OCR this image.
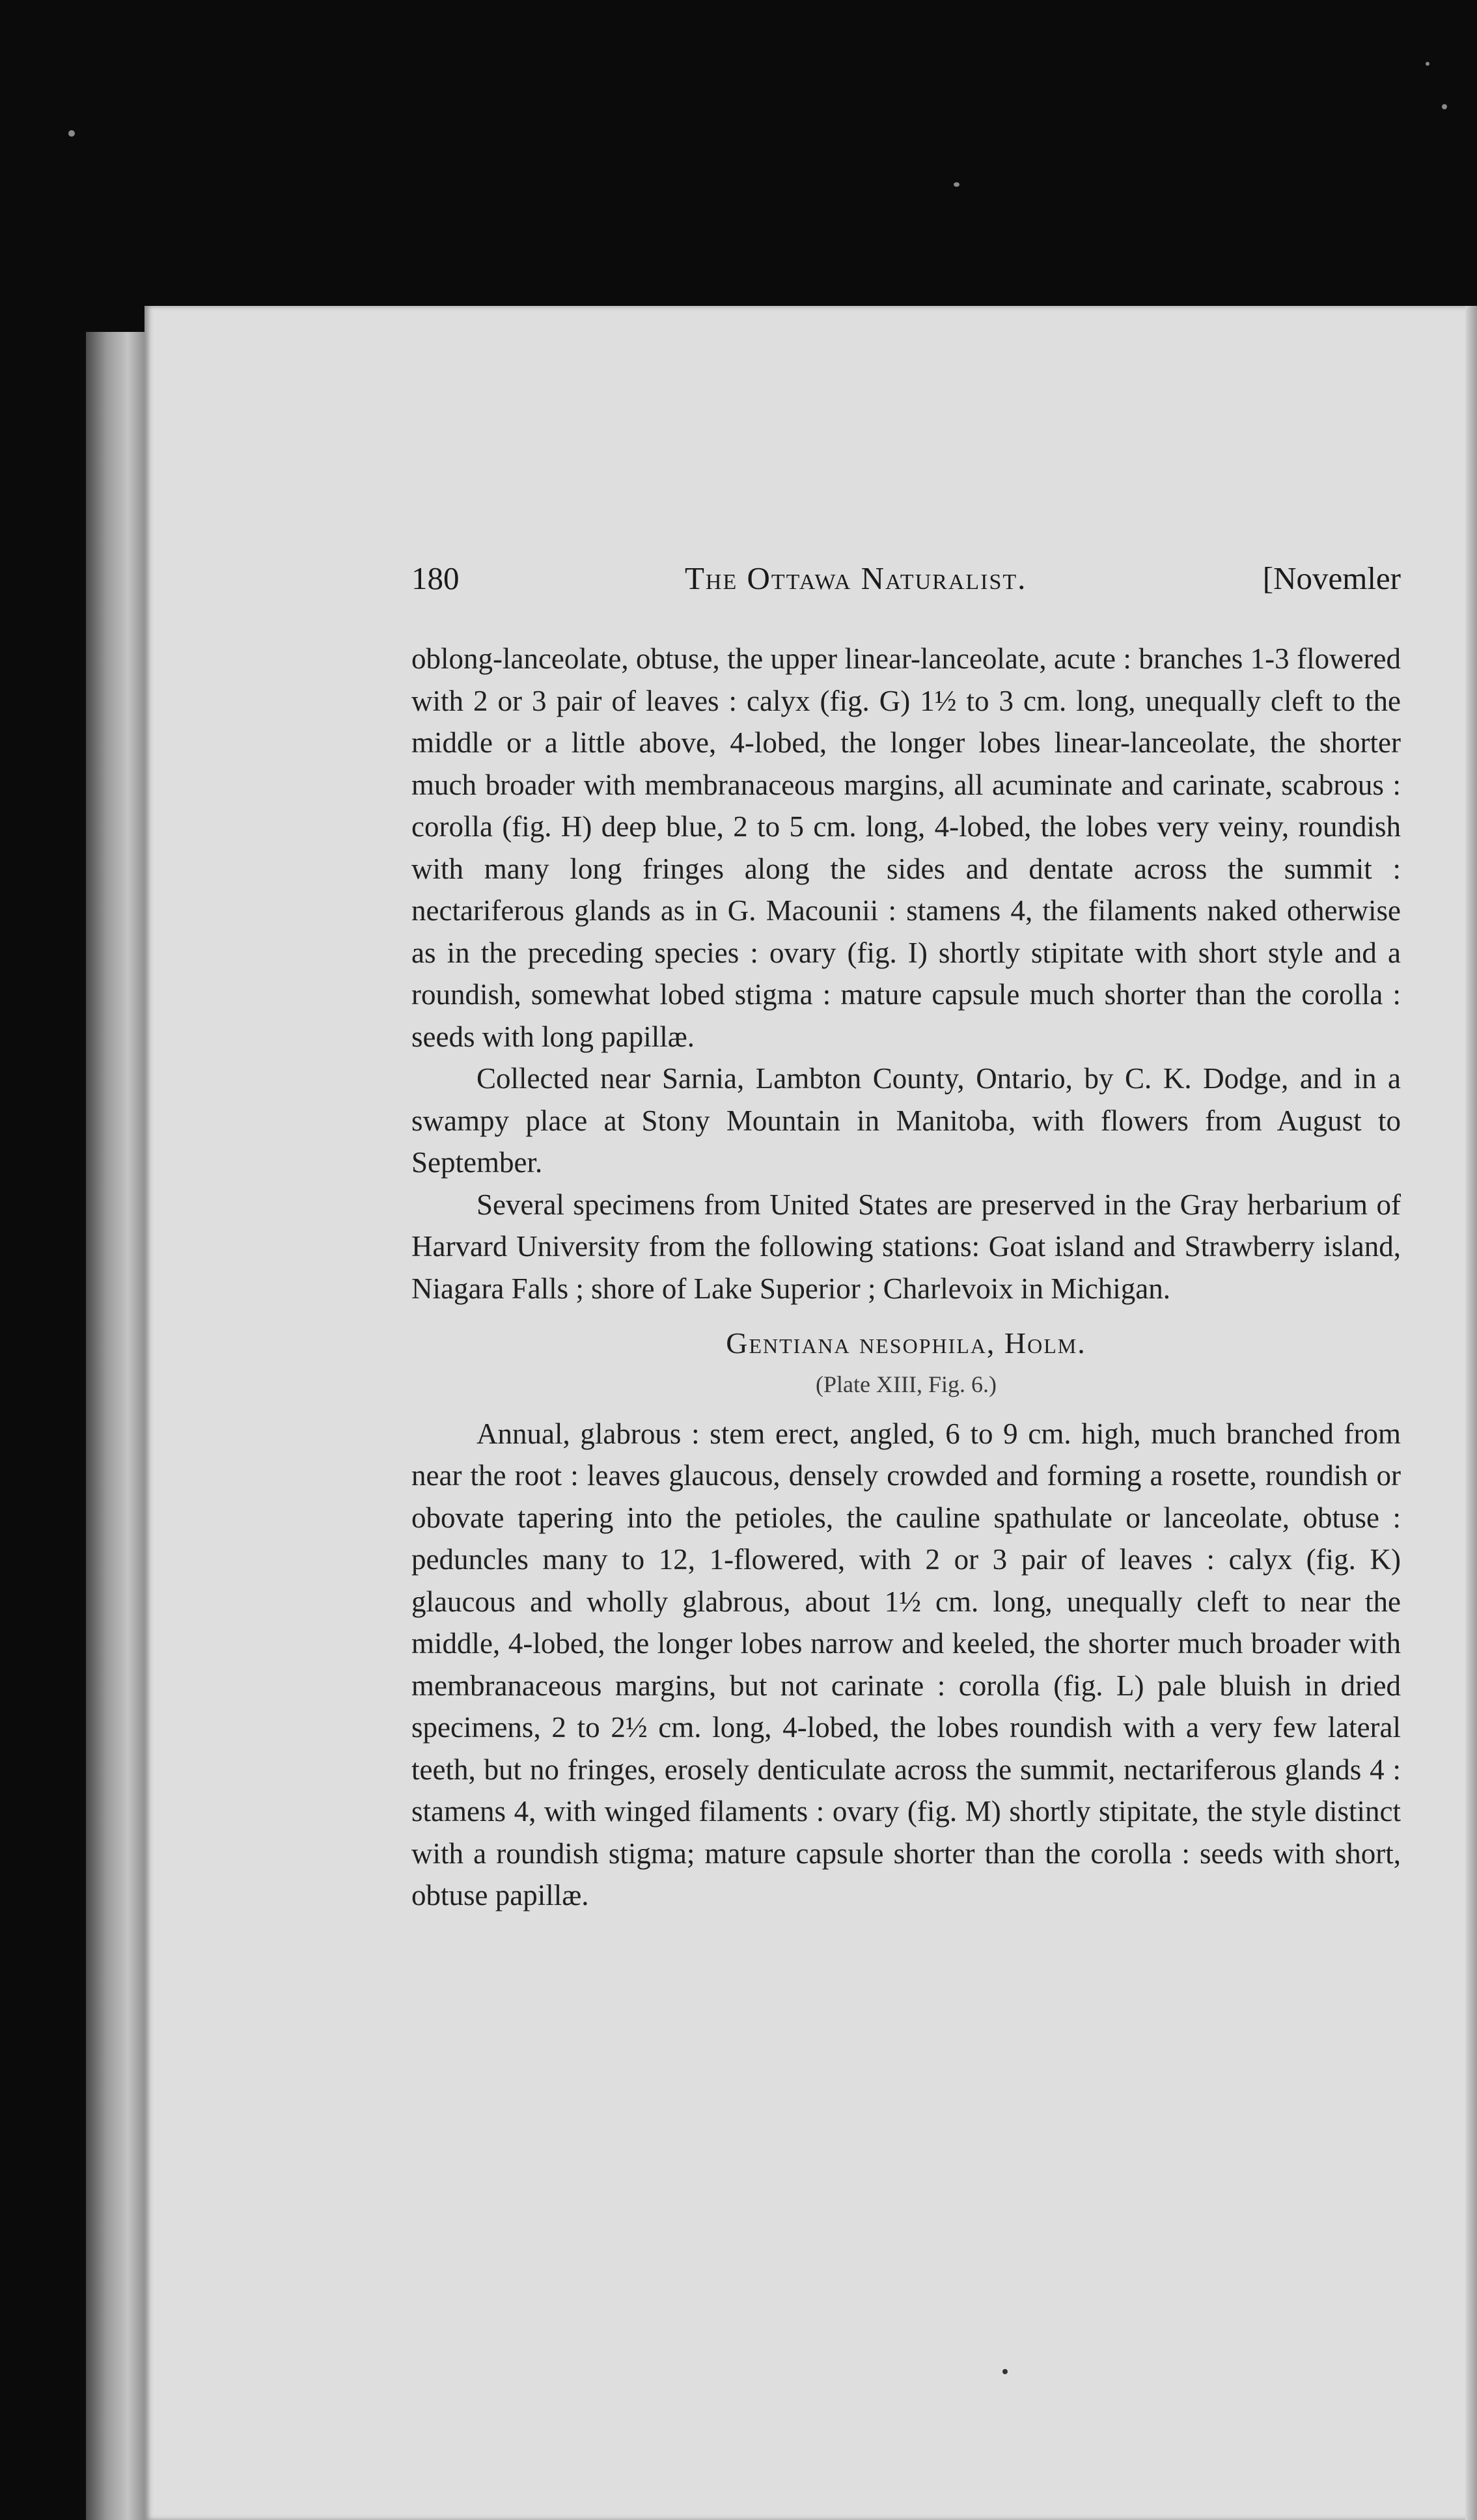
180	The Ottawa Naturalist.	[Novemler

oblong-lanceolate, obtuse, the upper linear-lanceolate, acute : branches 1-3 flowered with 2 or 3 pair of leaves : calyx (fig. G) 1½ to 3 cm. long, unequally cleft to the middle or a little above, 4-lobed, the longer lobes linear-lanceolate, the shorter much broader with membranaceous margins, all acuminate and carinate, scabrous : corolla (fig. H) deep blue, 2 to 5 cm. long, 4-lobed, the lobes very veiny, roundish with many long fringes along the sides and dentate across the summit : nectariferous glands as in G. Macounii : stamens 4, the filaments naked otherwise as in the preceding species : ovary (fig. I) shortly stipitate with short style and a roundish, somewhat lobed stigma : mature capsule much shorter than the corolla : seeds with long papillæ.

Collected near Sarnia, Lambton County, Ontario, by C. K. Dodge, and in a swampy place at Stony Mountain in Manitoba, with flowers from August to September.

Several specimens from United States are preserved in the Gray herbarium of Harvard University from the following stations: Goat island and Strawberry island, Niagara Falls ; shore of Lake Superior ; Charlevoix in Michigan.

Gentiana nesophila, Holm.

(Plate XIII, Fig. 6.)

Annual, glabrous : stem erect, angled, 6 to 9 cm. high, much branched from near the root : leaves glaucous, densely crowded and forming a rosette, roundish or obovate tapering into the petioles, the cauline spathulate or lanceolate, obtuse : peduncles many to 12, 1-flowered, with 2 or 3 pair of leaves : calyx (fig. K) glaucous and wholly glabrous, about 1½ cm. long, unequally cleft to near the middle, 4-lobed, the longer lobes narrow and keeled, the shorter much broader with membranaceous margins, but not carinate : corolla (fig. L) pale bluish in dried specimens, 2 to 2½ cm. long, 4-lobed, the lobes roundish with a very few lateral teeth, but no fringes, erosely denticulate across the summit, nectariferous glands 4 : stamens 4, with winged filaments : ovary (fig. M) shortly stipitate, the style distinct with a roundish stigma; mature capsule shorter than the corolla : seeds with short, obtuse papillæ.
